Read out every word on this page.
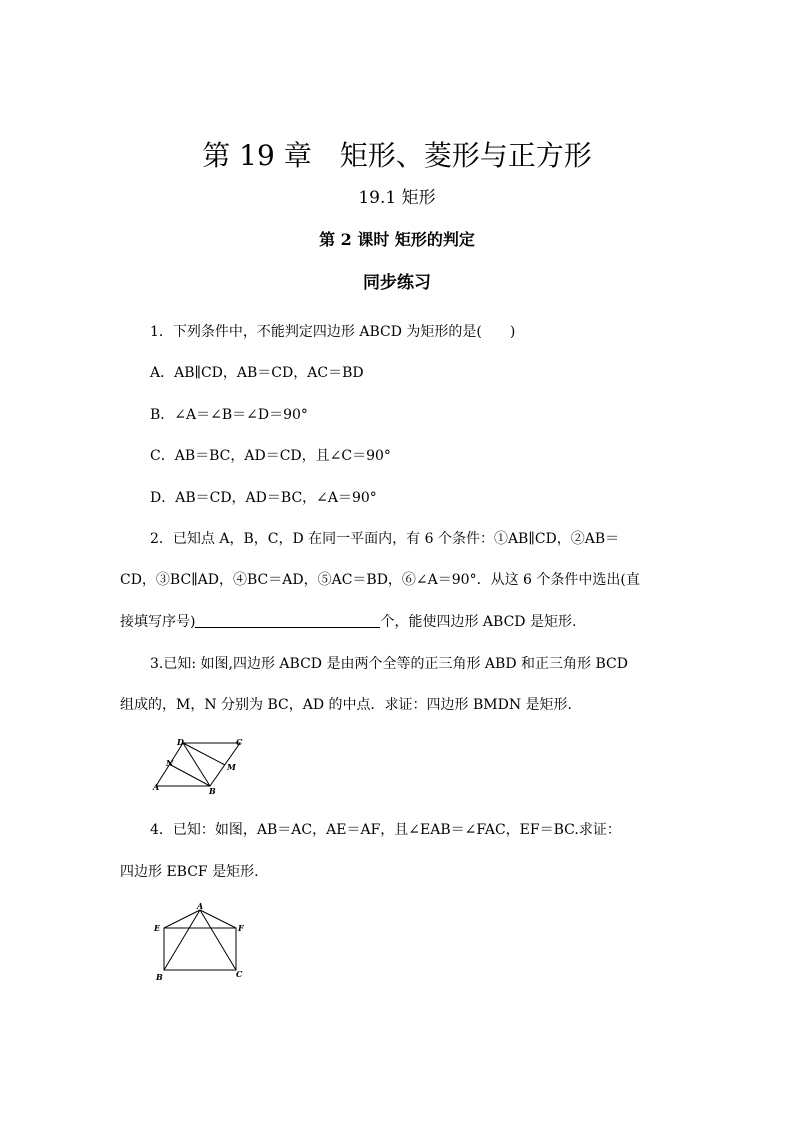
第 19 章　矩形、菱形与正方形
19.1 矩形
第 2 课时 矩形的判定
同步练习
1．下列条件中，不能判定四边形 ABCD 为矩形的是(　　)
A．AB∥CD，AB＝CD，AC＝BD
B．∠A＝∠B＝∠D＝90°
C．AB＝BC，AD＝CD，且∠C＝90°
D．AB＝CD，AD＝BC，∠A＝90°
2．已知点 A，B，C，D 在同一平面内，有 6 个条件：①AB∥CD，②AB＝
CD，③BC∥AD，④BC＝AD，⑤AC＝BD，⑥∠A＝90°．从这 6 个条件中选出(直
接填写序号)	个，能使四边形 ABCD 是矩形.
3.已知: 如图,四边形 ABCD 是由两个全等的正三角形 ABD 和正三角形 BCD
组成的，M，N 分别为 BC，AD 的中点．求证：四边形 BMDN 是矩形.
D	C
N	M
A	B
4．已知：如图，AB＝AC，AE＝AF，且∠EAB＝∠FAC，EF＝BC.求证：
四边形 EBCF 是矩形.
A
E	F
B	C
